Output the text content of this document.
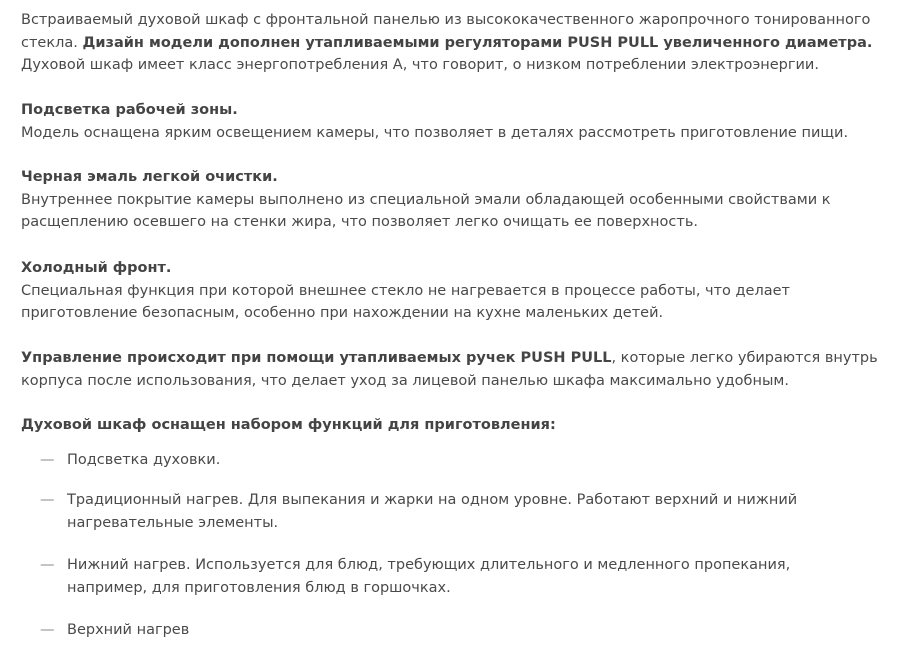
Встраиваемый духовой шкаф с фронтальной панелью из высококачественного жаропрочного тонированного стекла. Дизайн модели дополнен утапливаемыми регуляторами PUSH PULL увеличенного диаметра.
Духовой шкаф имеет класс энергопотребления А, что говорит, о низком потреблении электроэнергии.

Подсветка рабочей зоны.
Модель оснащена ярким освещением камеры, что позволяет в деталях рассмотреть приготовление пищи.

Черная эмаль легкой очистки.
Внутреннее покрытие камеры выполнено из специальной эмали обладающей особенными свойствами к расщеплению осевшего на стенки жира, что позволяет легко очищать ее поверхность.

Холодный фронт.
Специальная функция при которой внешнее стекло не нагревается в процессе работы, что делает приготовление безопасным, особенно при нахождении на кухне маленьких детей.

Управление происходит при помощи утапливаемых ручек PUSH PULL, которые легко убираются внутрь корпуса после использования, что делает уход за лицевой панелью шкафа максимально удобным.

Духовой шкаф оснащен набором функций для приготовления:

— Подсветка духовки.
— Традиционный нагрев. Для выпекания и жарки на одном уровне. Работают верхний и нижний нагревательные элементы.
— Нижний нагрев. Используется для блюд, требующих длительного и медленного пропекания, например, для приготовления блюд в горшочках.
— Верхний нагрев
